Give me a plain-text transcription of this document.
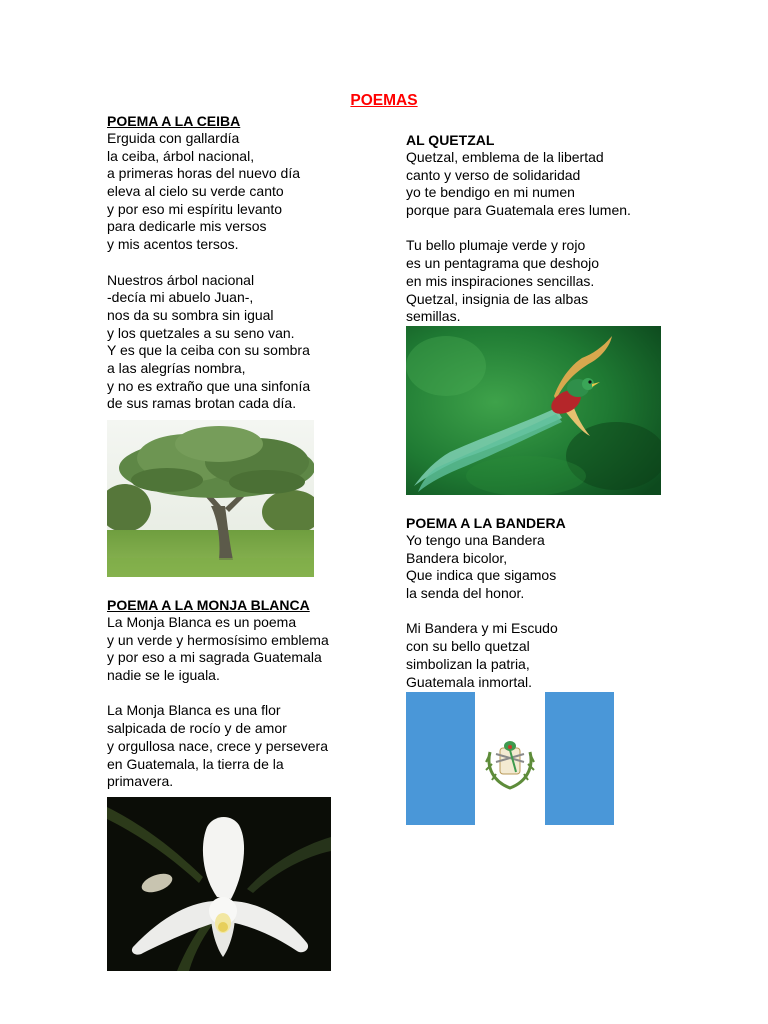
POEMAS
POEMA A LA CEIBA
Erguida con gallardía
la ceiba, árbol nacional,
a primeras horas del nuevo día
eleva al cielo su verde canto
y por eso mi espíritu levanto
para dedicarle mis versos
y mis acentos tersos.
Nuestros árbol nacional
-decía mi abuelo Juan-,
nos da su sombra sin igual
y los quetzales a su seno van.
Y es que la ceiba con su sombra
a las alegrías nombra,
y no es extraño que una sinfonía
de sus ramas brotan cada día.
POEMA A LA MONJA BLANCA
La Monja Blanca es un poema
y un verde y hermosísimo emblema
y por eso a mi sagrada Guatemala
nadie se le iguala.
La Monja Blanca es una flor
salpicada de rocío y de amor
y orgullosa nace, crece y persevera
en Guatemala, la tierra de la
primavera.
AL QUETZAL
Quetzal, emblema de la libertad
canto y verso de solidaridad
yo te bendigo en mi numen
porque para Guatemala eres lumen.
Tu bello plumaje verde y rojo
es un pentagrama que deshojo
en mis inspiraciones sencillas.
Quetzal, insignia de las albas
semillas.
POEMA A LA BANDERA
Yo tengo una Bandera
Bandera bicolor,
Que indica que sigamos
la senda del honor.
Mi Bandera y mi Escudo
con su bello quetzal
simbolizan la patria,
Guatemala inmortal.
